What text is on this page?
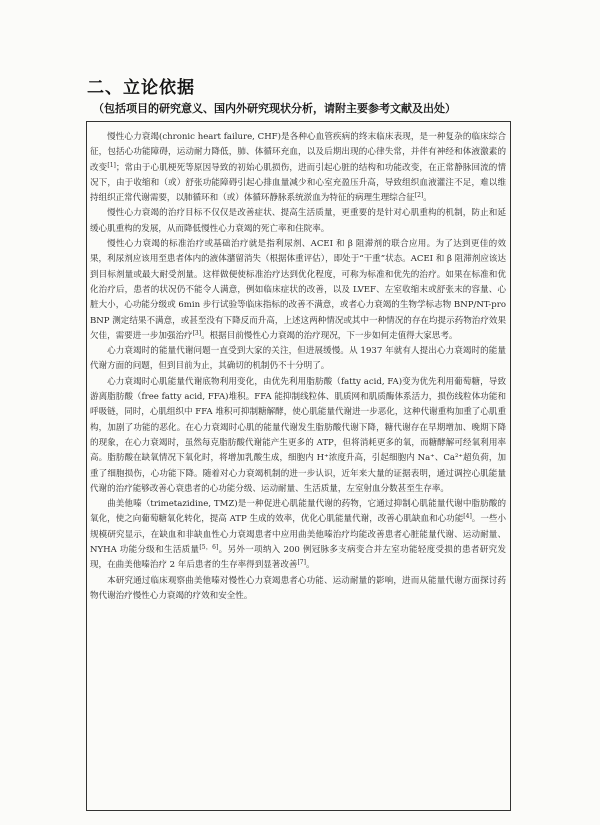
二、立论依据
（包括项目的研究意义、国内外研究现状分析，请附主要参考文献及出处）

慢性心力衰竭(chronic heart failure, CHF)是各种心血管疾病的终末临床表现，是一种复杂的临床综合征，包括心功能障碍，运动耐力降低，肺、体循环充血，以及后期出现的心律失常，并伴有神经和体液激素的改变[1]；常由于心肌梗死等原因导致的初始心肌损伤，进而引起心脏的结构和功能改变，在正常静脉回流的情况下，由于收缩和（或）舒张功能障碍引起心排血量减少和心室充盈压升高，导致组织血液灌注不足，难以维持组织正常代谢需要，以肺循环和（或）体循环静脉系统淤血为特征的病理生理综合征[2]。

慢性心力衰竭的治疗目标不仅仅是改善症状、提高生活质量，更重要的是针对心肌重构的机制，防止和延缓心肌重构的发展，从而降低慢性心力衰竭的死亡率和住院率。

慢性心力衰竭的标准治疗或基础治疗就是指利尿剂、ACEI 和 β 阻滞剂的联合应用。为了达到更佳的效果，利尿剂应该用至患者体内的液体潴留消失（根据体重评估），即处于“干重”状态。ACEI 和 β 阻滞剂应该达到目标剂量或最大耐受剂量。这样做便使标准治疗达到优化程度，可称为标准和优先的治疗。如果在标准和优化治疗后，患者的状况仍不能令人满意，例如临床症状的改善，以及 LVEF、左室收缩末或舒张末的容量、心脏大小，心功能分级或 6min 步行试验等临床指标的改善不满意，或者心力衰竭的生物学标志物 BNP/NT-proBNP 测定结果不满意，或甚至没有下降反而升高，上述这两种情况或其中一种情况的存在均提示药物治疗效果欠佳，需要进一步加强治疗[3]。根据目前慢性心力衰竭的治疗现况，下一步如何走值得大家思考。

心力衰竭时的能量代谢问题一直受到大家的关注，但进展缓慢。从 1937 年就有人提出心力衰竭时的能量代谢方面的问题，但到目前为止，其确切的机制仍不十分明了。

心力衰竭时心肌能量代谢底物利用变化，由优先利用脂肪酸（fatty acid, FA)变为优先利用葡萄糖，导致游离脂肪酸（free fatty acid, FFA)堆积。FFA 能抑制线粒体、肌质网和肌质酶体系活力，损伤线粒体功能和呼吸链，同时，心肌组织中 FFA 堆积可抑制糖解酵，使心肌能量代谢进一步恶化，这种代谢重构加重了心肌重构，加剧了功能的恶化。在心力衰竭时心肌的能量代谢发生脂肪酸代谢下降，糖代谢存在早期增加、晚期下降的现象，在心力衰竭时，虽然每克脂肪酸代谢能产生更多的 ATP，但将消耗更多的氧，而糖酵解可经氧利用率高。脂肪酸在缺氧情况下氧化时，将增加乳酸生成，细胞内 H⁺浓度升高，引起细胞内 Na⁺、Ca²⁺超负荷，加重了细胞损伤，心功能下降。随着对心力衰竭机制的进一步认识，近年来大量的证据表明，通过调控心肌能量代谢的治疗能够改善心衰患者的心功能分级、运动耐量、生活质量，左室射血分数甚至生存率。

曲美他嗪（trimetazidine, TMZ)是一种促进心肌能量代谢的药物，它通过抑制心肌能量代谢中脂肪酸的氧化，使之向葡萄糖氧化转化，提高 ATP 生成的效率，优化心肌能量代谢，改善心肌缺血和心功能[4]。一些小规模研究显示，在缺血和非缺血性心力衰竭患者中应用曲美他嗪治疗均能改善患者心脏能量代谢、运动耐量、NYHA 功能分级和生活质量[5，6]。另外一项纳入 200 例冠脉多支病变合并左室功能轻度受损的患者研究发现，在曲美他嗪治疗 2 年后患者的生存率得到显著改善[7]。

本研究通过临床观察曲美他嗪对慢性心力衰竭患者心功能、运动耐量的影响，进而从能量代谢方面探讨药物代谢治疗慢性心力衰竭的疗效和安全性。
